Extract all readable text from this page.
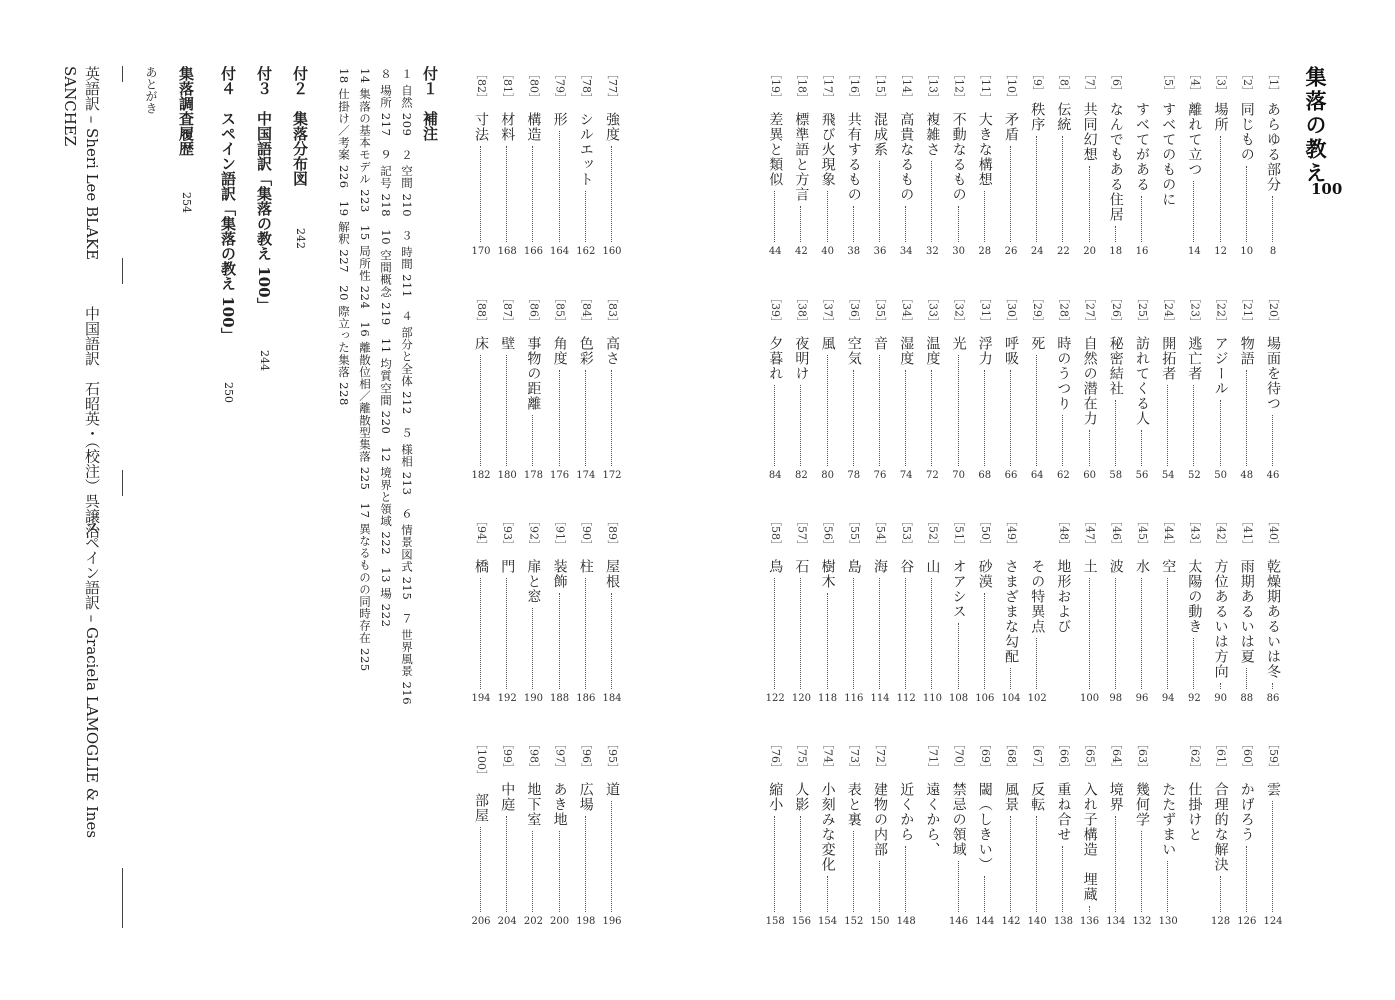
集落の教え
100
［1］
あらゆる部分
8
［2］
同じもの
10
［3］
場所
12
［4］
離れて立つ
14
［5］
すべてのものに
すべてがある
16
［6］
なんでもある住居
18
［7］
共同幻想
20
［8］
伝統
22
［9］
秩序
24
［10］
矛盾
26
［11］
大きな構想
28
［12］
不動なるもの
30
［13］
複雑さ
32
［14］
高貴なるもの
34
［15］
混成系
36
［16］
共有するもの
38
［17］
飛び火現象
40
［18］
標準語と方言
42
［19］
差異と類似
44
［20］
場面を待つ
46
［21］
物語
48
［22］
アジール
50
［23］
逃亡者
52
［24］
開拓者
54
［25］
訪れてくる人
56
［26］
秘密結社
58
［27］
自然の潜在力
60
［28］
時のうつり
62
［29］
死
64
［30］
呼吸
66
［31］
浮力
68
［32］
光
70
［33］
温度
72
［34］
湿度
74
［35］
音
76
［36］
空気
78
［37］
風
80
［38］
夜明け
82
［39］
夕暮れ
84
［40］
乾燥期あるいは冬
86
［41］
雨期あるいは夏
88
［42］
方位あるいは方向
90
［43］
太陽の動き
92
［44］
空
94
［45］
水
96
［46］
波
98
［47］
土
100
［48］
地形および
その特異点
102
［49］
さまざまな勾配
104
［50］
砂漠
106
［51］
オアシス
108
［52］
山
110
［53］
谷
112
［54］
海
114
［55］
島
116
［56］
樹木
118
［57］
石
120
［58］
鳥
122
［59］
雲
124
［60］
かげろう
126
［61］
合理的な解決
128
［62］
仕掛けと
たたずまい
130
［63］
幾何学
132
［64］
境界
134
［65］
入れ子構造　埋蔵
136
［66］
重ね合せ
138
［67］
反転
140
［68］
風景
142
［69］
閾（しきい）
144
［70］
禁忌の領域
146
［71］
遠くから、
近くから
148
［72］
建物の内部
150
［73］
表と裏
152
［74］
小刻みな変化
154
［75］
人影
156
［76］
縮小
158
［77］
強度
160
［78］
シルエット
162
［79］
形
164
［80］
構造
166
［81］
材料
168
［82］
寸法
170
［83］
高さ
172
［84］
色彩
174
［85］
角度
176
［86］
事物の距離
178
［87］
壁
180
［88］
床
182
［89］
屋根
184
［90］
柱
186
［91］
装飾
188
［92］
扉と窓
190
［93］
門
192
［94］
橋
194
［95］
道
196
［96］
広場
198
［97］
あき地
200
［98］
地下室
202
［99］
中庭
204
［100］
部屋
206
付１　補注
１ 自然 209　２ 空間 210　３ 時間 211　４ 部分と全体 212　５ 様相 213　６ 情景図式 215　７ 世界風景 216
８ 場所 217　９ 記号 218　10 空間概念 219　11 均質空間 220　12 境界と領域 222　13 場 222
14 集落の基本モデル 223　15 局所性 224　16 離散位相／離散型集落 225　17 異なるものの同時存在 225
18 仕掛け／考案 226　19 解釈 227　20 際立った集落 228
付２　集落分布図
242
付３　中国語訳「集落の教え 100」
244
付４　スペイン語訳「集落の教え 100」
250
集落調査履歴
254
あとがき
英語訳 – Sheri Lee BLAKE
SANCHEZ
中国語訳　石昭英・（校注）呉譲治
スペイン語訳 – Graciela LAMOGLIE & Ines
